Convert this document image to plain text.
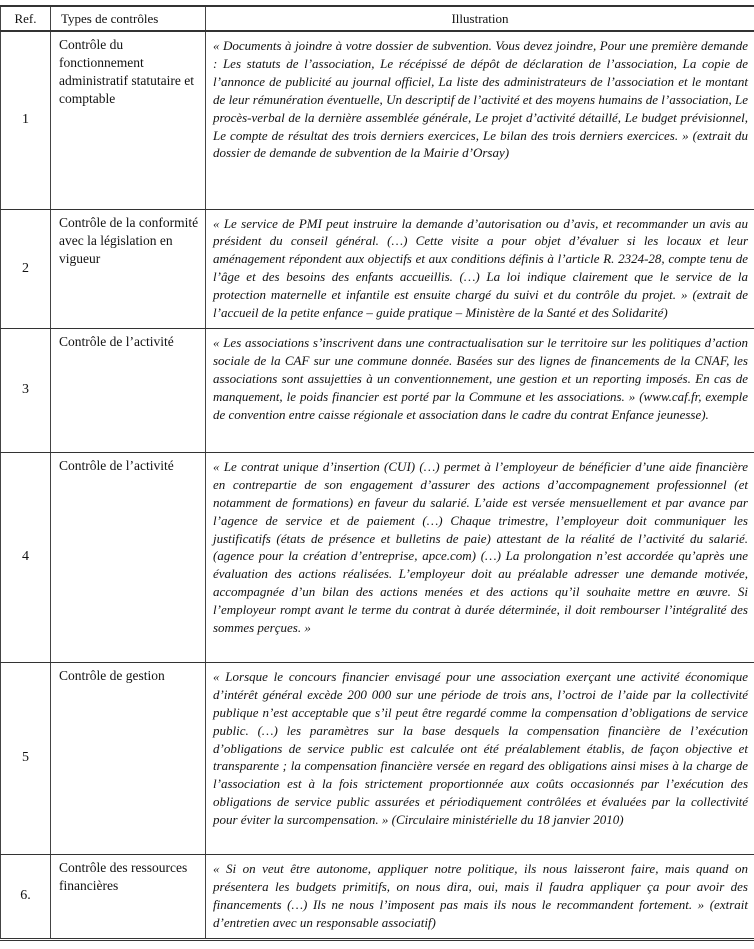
Ref.	Types de contrôles	Illustration
1	Contrôle du fonctionnement administratif statutaire et comptable	« Documents à joindre à votre dossier de subvention. Vous devez joindre, Pour une première demande : Les statuts de l’association, Le récépissé de dépôt de déclaration de l’association, La copie de l’annonce de publicité au journal officiel, La liste des administrateurs de l’association et le montant de leur rémunération éventuelle, Un descriptif de l’activité et des moyens humains de l’association, Le procès-verbal de la dernière assemblée générale, Le projet d’activité détaillé, Le budget prévisionnel, Le compte de résultat des trois derniers exercices, Le bilan des trois derniers exercices. » (extrait du dossier de demande de subvention de la Mairie d’Orsay)
2	Contrôle de la conformité avec la législation en vigueur	« Le service de PMI peut instruire la demande d’autorisation ou d’avis, et recommander un avis au président du conseil général. (…) Cette visite a pour objet d’évaluer si les locaux et leur aménagement répondent aux objectifs et aux conditions définis à l’article R. 2324-28, compte tenu de l’âge et des besoins des enfants accueillis. (…) La loi indique clairement que le service de la protection maternelle et infantile est ensuite chargé du suivi et du contrôle du projet. » (extrait de l’accueil de la petite enfance – guide pratique – Ministère de la Santé et des Solidarité)
3	Contrôle de l’activité	« Les associations s’inscrivent dans une contractualisation sur le territoire sur les politiques d’action sociale de la CAF sur une commune donnée. Basées sur des lignes de financements de la CNAF, les associations sont assujetties à un conventionnement, une gestion et un reporting imposés. En cas de manquement, le poids financier est porté par la Commune et les associations. » (www.caf.fr, exemple de convention entre caisse régionale et association dans le cadre du contrat Enfance jeunesse).
4	Contrôle de l’activité	« Le contrat unique d’insertion (CUI) (…) permet à l’employeur de bénéficier d’une aide financière en contrepartie de son engagement d’assurer des actions d’accompagnement professionnel (et notamment de formations) en faveur du salarié. L’aide est versée mensuellement et par avance par l’agence de service et de paiement (…) Chaque trimestre, l’employeur doit communiquer les justificatifs (états de présence et bulletins de paie) attestant de la réalité de l’activité du salarié. (agence pour la création d’entreprise, apce.com) (…) La prolongation n’est accordée qu’après une évaluation des actions réalisées. L’employeur doit au préalable adresser une demande motivée, accompagnée d’un bilan des actions menées et des actions qu’il souhaite mettre en œuvre. Si l’employeur rompt avant le terme du contrat à durée déterminée, il doit rembourser l’intégralité des sommes perçues. »
5	Contrôle de gestion	« Lorsque le concours financier envisagé pour une association exerçant une activité économique d’intérêt général excède 200 000 sur une période de trois ans, l’octroi de l’aide par la collectivité publique n’est acceptable que s’il peut être regardé comme la compensation d’obligations de service public. (…) les paramètres sur la base desquels la compensation financière de l’exécution d’obligations de service public est calculée ont été préalablement établis, de façon objective et transparente ; la compensation financière versée en regard des obligations ainsi mises à la charge de l’association est à la fois strictement proportionnée aux coûts occasionnés par l’exécution des obligations de service public assurées et périodiquement contrôlées et évaluées par la collectivité pour éviter la surcompensation. » (Circulaire ministérielle du 18 janvier 2010)
6.	Contrôle des ressources financières	« Si on veut être autonome, appliquer notre politique, ils nous laisseront faire, mais quand on présentera les budgets primitifs, on nous dira, oui, mais il faudra appliquer ça pour avoir des financements (…) Ils ne nous l’imposent pas mais ils nous le recommandent fortement. » (extrait d’entretien avec un responsable associatif)
